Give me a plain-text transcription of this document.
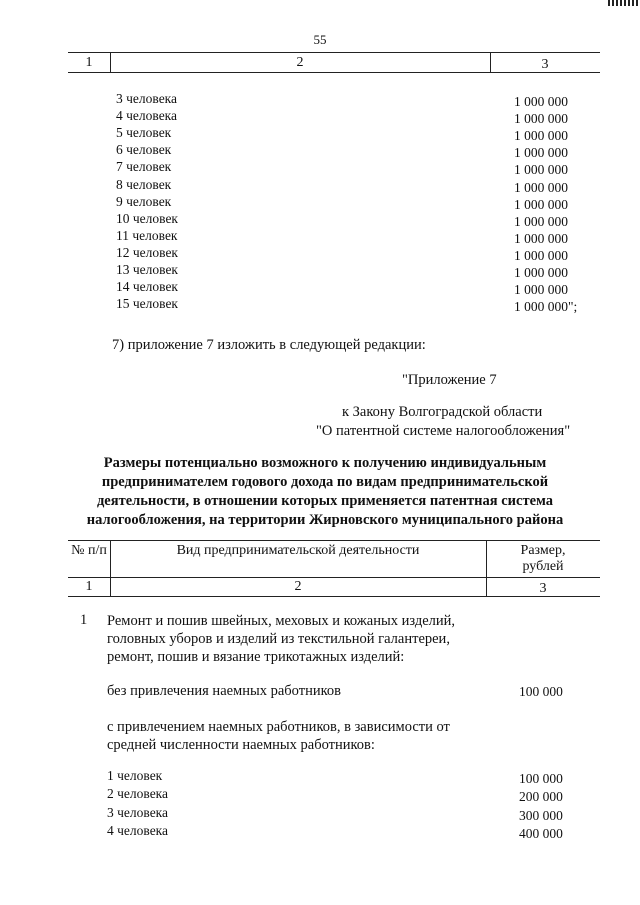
55
1	2	3
3 человека	1 000 000
4 человека	1 000 000
5 человек	1 000 000
6 человек	1 000 000
7 человек	1 000 000
8 человек	1 000 000
9 человек	1 000 000
10 человек	1 000 000
11 человек	1 000 000
12 человек	1 000 000
13 человек	1 000 000
14 человек	1 000 000
15 человек	1 000 000";
7) приложение 7 изложить в следующей редакции:
"Приложение 7
к Закону Волгоградской области
"О патентной системе налогообложения"
Размеры потенциально возможного к получению индивидуальным предпринимателем годового дохода по видам предпринимательской деятельности, в отношении которых применяется патентная система налогообложения, на территории Жирновского муниципального района
№ п/п	Вид предпринимательской деятельности	Размер, рублей
1	2	3
1 Ремонт и пошив швейных, меховых и кожаных изделий, головных уборов и изделий из текстильной галантереи, ремонт, пошив и вязание трикотажных изделий:
без привлечения наемных работников	100 000
с привлечением наемных работников, в зависимости от средней численности наемных работников:
1 человек	100 000
2 человека	200 000
3 человека	300 000
4 человека	400 000
